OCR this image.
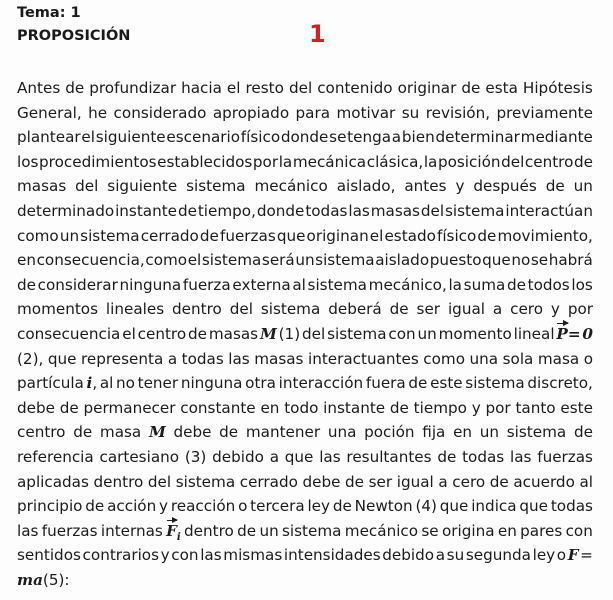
Tema: 1
PROPOSICIÓN	1
Antes de profundizar hacia el resto del contenido originar de esta Hipótesis
General, he considerado apropiado para motivar su revisión, previamente
plantear el siguiente escenario físico donde se tenga a bien determinar mediante
los procedimientos establecidos por la mecánica clásica, la posición del centro de
masas del siguiente sistema mecánico aislado, antes y después de un
determinado instante de tiempo, donde todas las masas del sistema interactúan
como un sistema cerrado de fuerzas que originan el estado físico de movimiento,
en consecuencia, como el sistema será un sistema aislado puesto que no se habrá
de considerar ninguna fuerza externa al sistema mecánico, la suma de todos los
momentos lineales dentro del sistema deberá de ser igual a cero y por
consecuencia el centro de masas M (1) del sistema con un momento lineal P= 0
(2), que representa a todas las masas interactuantes como una sola masa o
partícula i, al no tener ninguna otra interacción fuera de este sistema discreto,
debe de permanecer constante en todo instante de tiempo y por tanto este
centro de masa M debe de mantener una poción fija en un sistema de
referencia cartesiano (3) debido a que las resultantes de todas las fuerzas
aplicadas dentro del sistema cerrado debe de ser igual a cero de acuerdo al
principio de acción y reacción o tercera ley de Newton (4) que indica que todas
las fuerzas internas $F_i$ dentro de un sistema mecánico se origina en pares con
sentidos contrarios y con las mismas intensidades debido a su segunda ley o F =
ma (5):
